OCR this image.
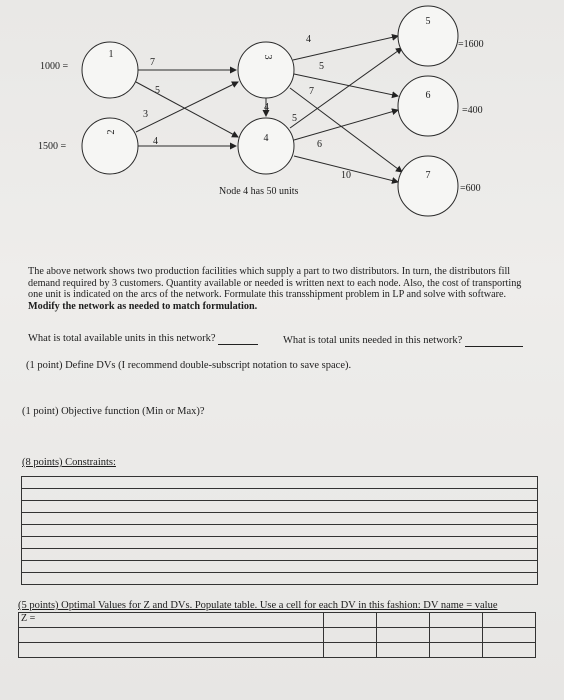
1
2
3
4
5
6
7
1000 =
1500 =
=1600
=400
=600
7
5
3
4
4
4
5
7
5
6
10
Node 4 has 50 units
The above network shows two production facilities which supply a part to two distributors. In turn, the distributors fill demand required by 3 customers. Quantity available or needed is written next to each node. Also, the cost of transporting one unit is indicated on the arcs of the network. Formulate this transshipment problem in LP and solve with software. Modify the network as needed to match formulation.
What is total available units in this network?	What is total units needed in this network?
(1 point) Define DVs (I recommend double-subscript notation to save space).
(1 point) Objective function (Min or Max)?
(8 points) Constraints:

(5 points) Optimal Values for Z and DVs. Populate table. Use a cell for each DV in this fashion: DV name = value
Z =				
